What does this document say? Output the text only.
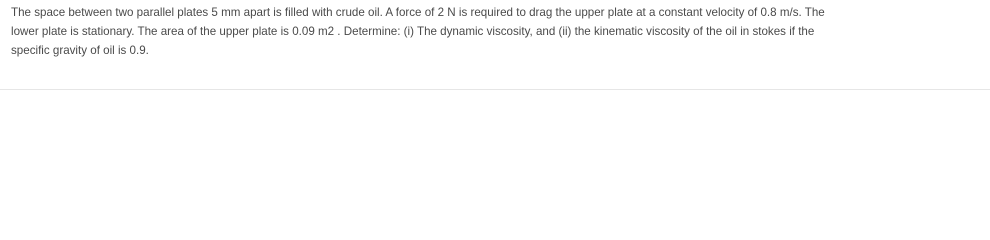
The space between two parallel plates 5 mm apart is filled with crude oil. A force of 2 N is required to drag the upper plate at a constant velocity of 0.8 m/s. The
lower plate is stationary. The area of the upper plate is 0.09 m2 . Determine: (i) The dynamic viscosity, and (ii) the kinematic viscosity of the oil in stokes if the
specific gravity of oil is 0.9.
